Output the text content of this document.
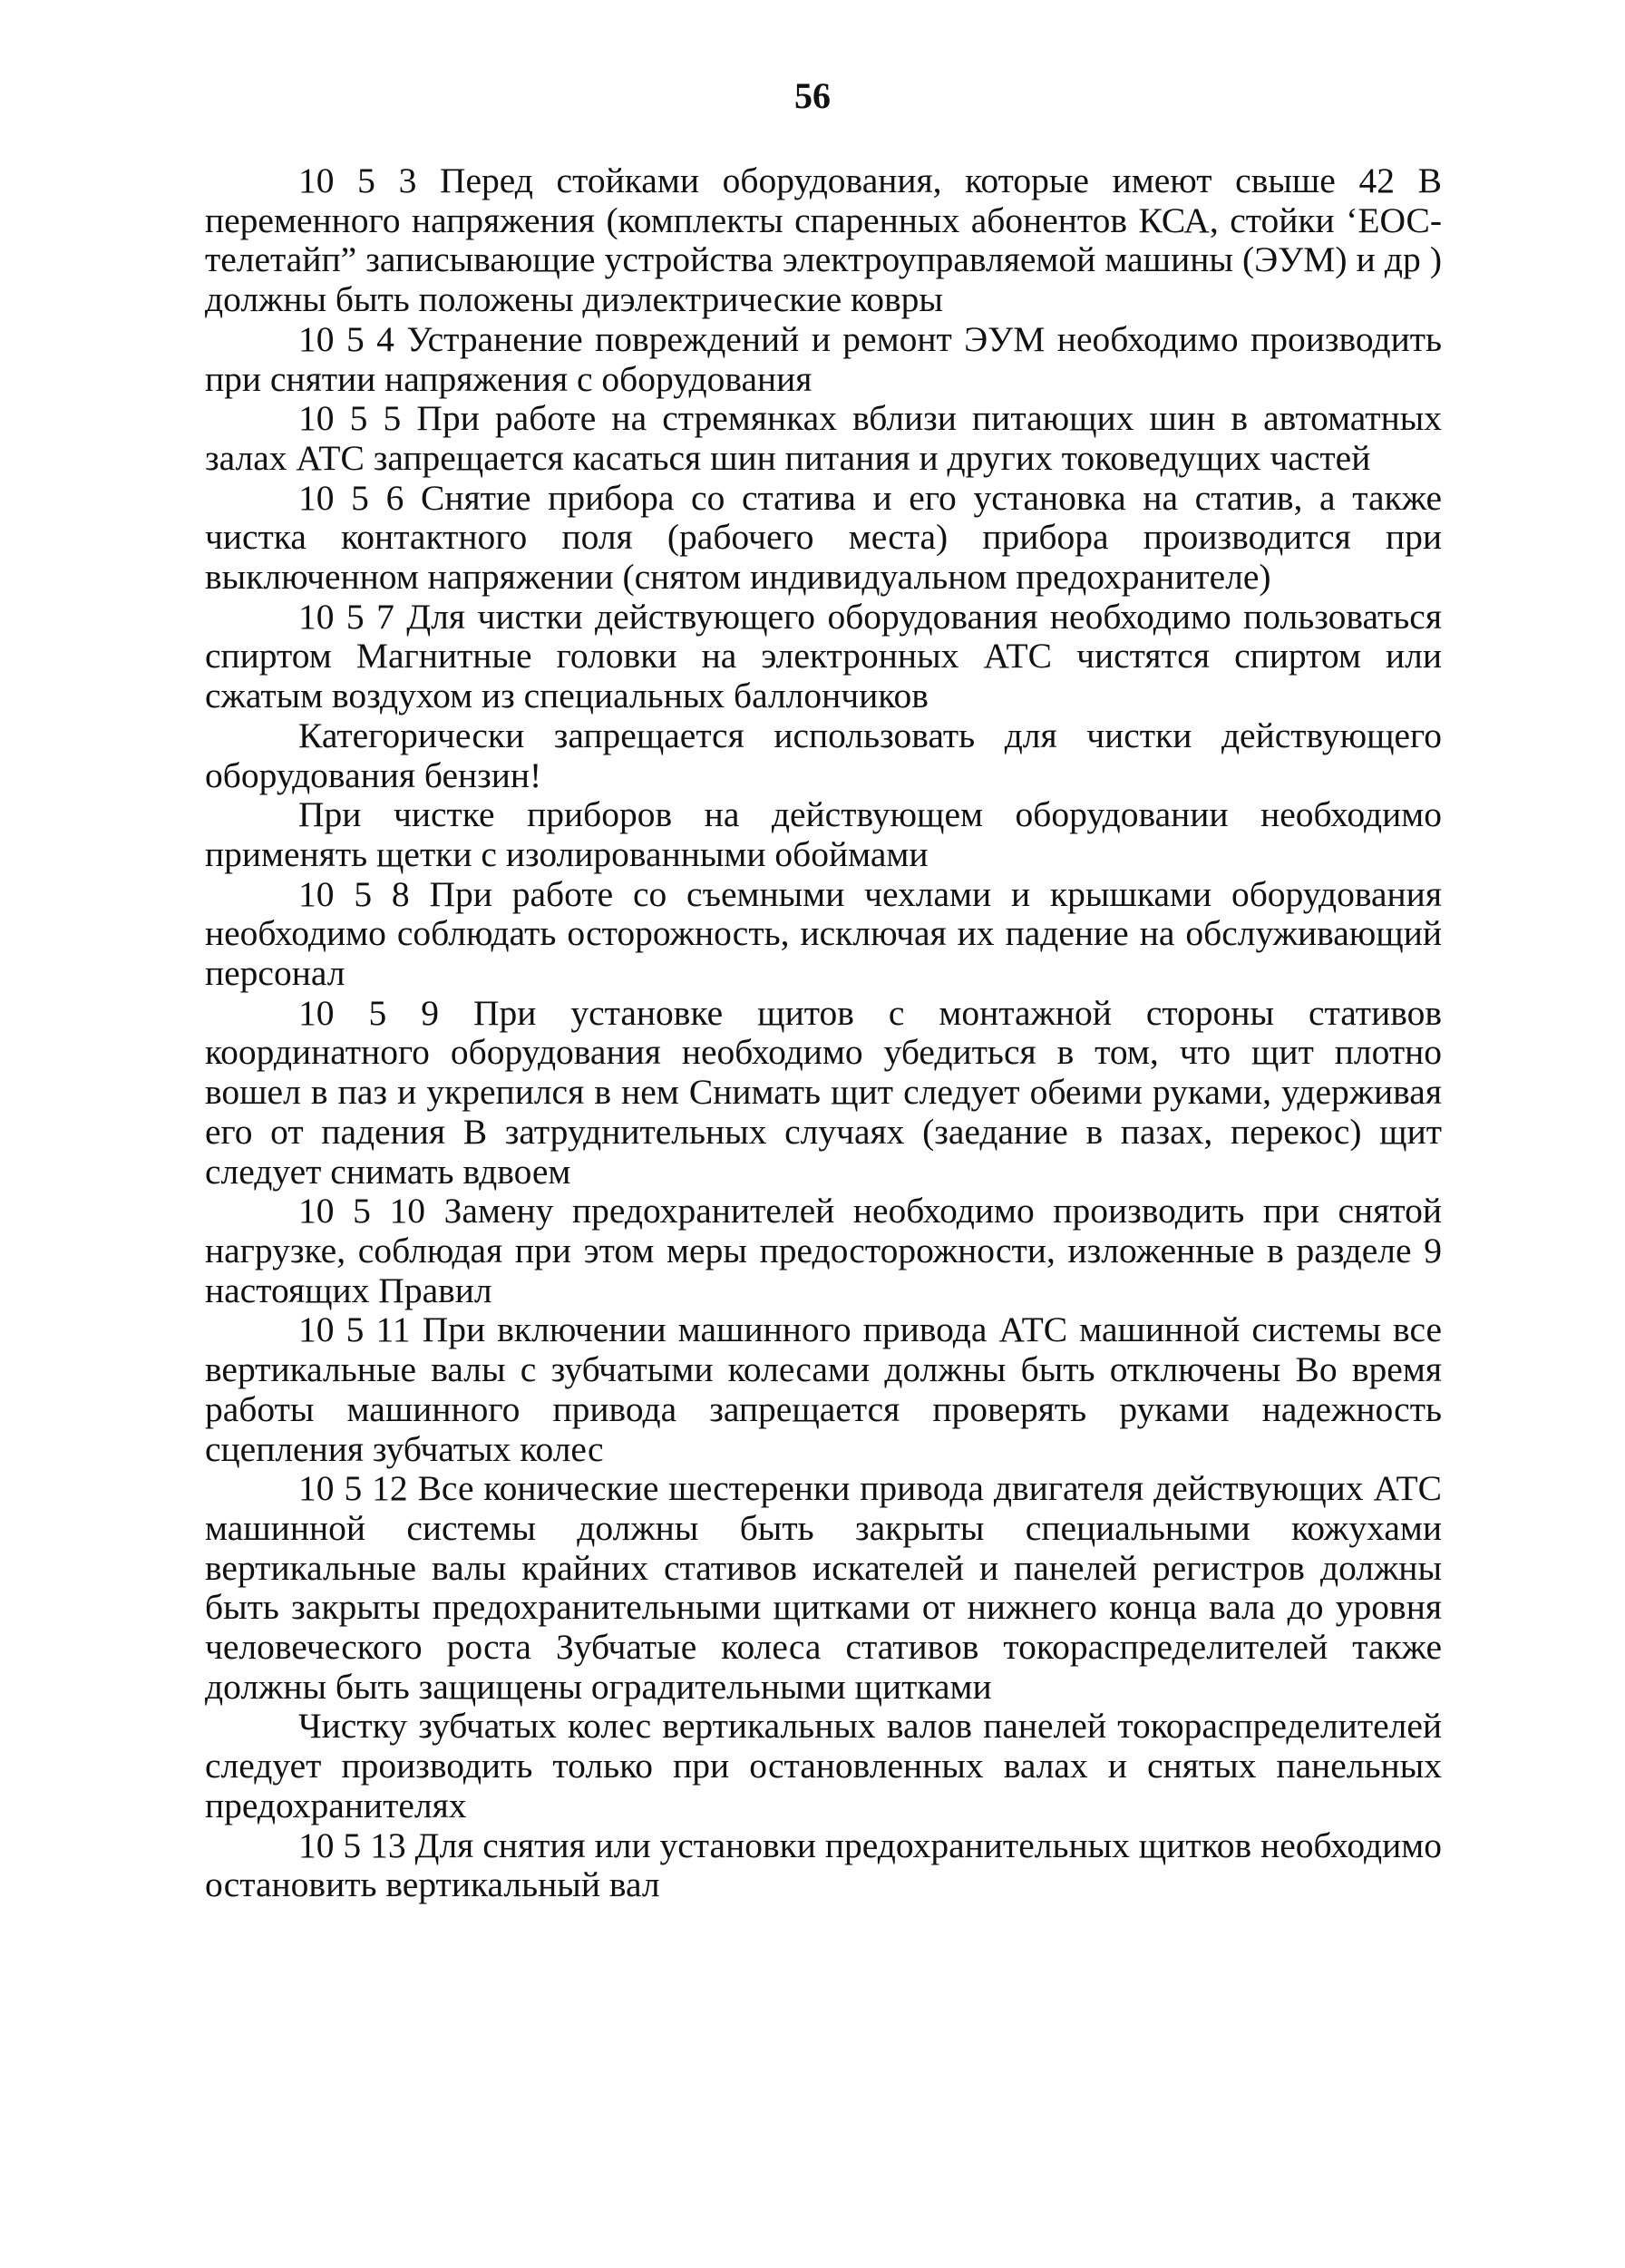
56

10 5 3 Перед стойками оборудования, которые имеют свыше 42 В переменного напряжения (комплекты спаренных абонентов КСА, стойки ‘ЕОС-телетайп” записывающие устройства электроуправляемой машины (ЭУМ) и др ) должны быть положены диэлектрические ковры

10 5 4 Устранение повреждений и ремонт ЭУМ необходимо производить при снятии напряжения с оборудования

10 5 5 При работе на стремянках вблизи питающих шин в автоматных залах АТС запрещается касаться шин питания и других токоведущих частей

10 5 6 Снятие прибора со статива и его установка на статив, а также чистка контактного поля (рабочего места) прибора производится при выключенном напряжении (снятом индивидуальном предохранителе)

10 5 7 Для чистки действующего оборудования необходимо пользоваться спиртом Магнитные головки на электронных АТС чистятся спиртом или сжатым воздухом из специальных баллончиков

Категорически запрещается использовать для чистки действующего оборудования бензин!

При чистке приборов на действующем оборудовании необходимо применять щетки с изолированными обоймами

10 5 8 При работе со съемными чехлами и крышками оборудования необходимо соблюдать осторожность, исключая их падение на обслуживающий персонал

10 5 9 При установке щитов с монтажной стороны стативов координатного оборудования необходимо убедиться в том, что щит плотно вошел в паз и укрепился в нем Снимать щит следует обеими руками, удерживая его от падения В затруднительных случаях (заедание в пазах, перекос) щит следует снимать вдвоем

10 5 10 Замену предохранителей необходимо производить при снятой нагрузке, соблюдая при этом меры предосторожности, изложенные в разделе 9 настоящих Правил

10 5 11 При включении машинного привода АТС машинной системы все вертикальные валы с зубчатыми колесами должны быть отключены Во время работы машинного привода запрещается проверять руками надежность сцепления зубчатых колес

10 5 12 Все конические шестеренки привода двигателя действующих АТС машинной системы должны быть закрыты специальными кожухами вертикальные валы крайних стативов искателей и панелей регистров должны быть закрыты предохранительными щитками от нижнего конца вала до уровня человеческого роста Зубчатые колеса стативов токораспределителей также должны быть защищены оградительными щитками

Чистку зубчатых колес вертикальных валов панелей токораспределителей следует производить только при остановленных валах и снятых панельных предохранителях

10 5 13 Для снятия или установки предохранительных щитков необходимо остановить вертикальный вал
